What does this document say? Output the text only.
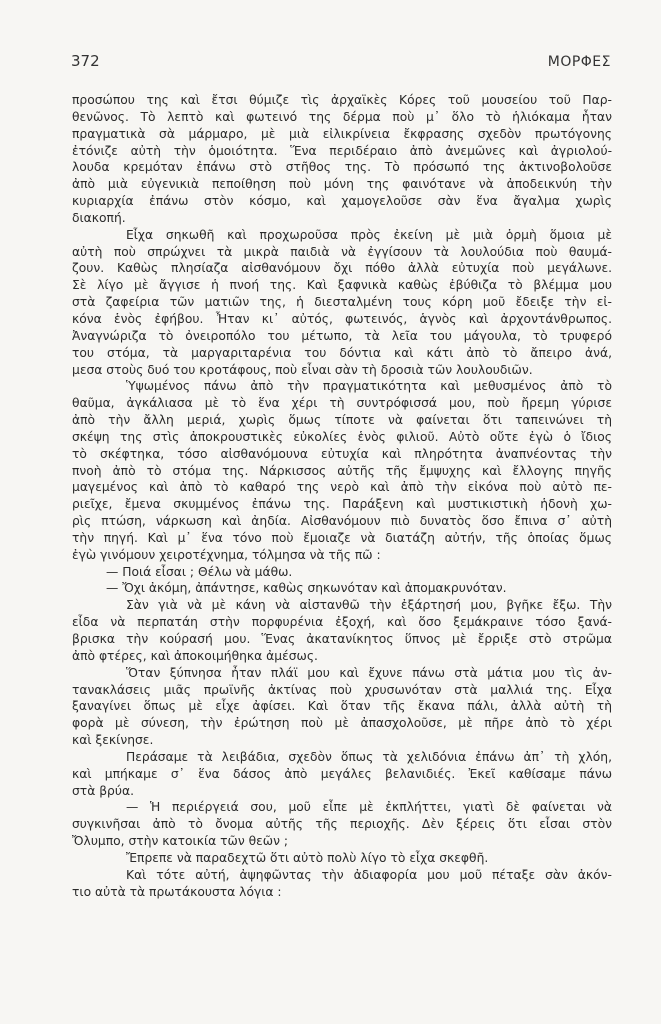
372	ΜΟΡΦΕΣ
προσώπου της καὶ ἔτσι θύμιζε τὶς ἀρχαϊκὲς Κόρες τοῦ μουσείου τοῦ Παρ-
θενῶνος. Τὸ λεπτὸ καὶ φωτεινό της δέρμα ποὺ μ᾽ ὅλο τὸ ἡλιόκαμα ἦταν
πραγματικὰ σὰ μάρμαρο, μὲ μιὰ εἰλικρίνεια ἔκφρασης σχεδὸν πρωτόγονης
ἐτόνιζε αὐτὴ τὴν ὁμοιότητα. Ἕνα περιδέραιο ἀπὸ ἀνεμῶνες καὶ ἀγριολού-
λουδα κρεμόταν ἐπάνω στὸ στῆθος της. Τὸ πρόσωπό της ἀκτινοβολοῦσε
ἀπὸ μιὰ εὐγενικιὰ πεποίθηση ποὺ μόνη της φαινότανε νὰ ἀποδεικνύη τὴν
κυριαρχία ἐπάνω στὸν κόσμο, καὶ χαμογελοῦσε σὰν ἕνα ἄγαλμα χωρὶς
διακοπή.
Εἶχα σηκωθῆ καὶ προχωροῦσα πρὸς ἐκείνη μὲ μιὰ ὁρμὴ ὅμοια μὲ
αὐτὴ ποὺ σπρώχνει τὰ μικρὰ παιδιὰ νὰ ἐγγίσουν τὰ λουλούδια ποὺ θαυμά-
ζουν. Καθὼς πλησίαζα αἰσθανόμουν ὄχι πόθο ἀλλὰ εὐτυχία ποὺ μεγάλωνε.
Σὲ λίγο μὲ ἄγγισε ἡ πνοή της. Καὶ ξαφνικὰ καθὼς ἐβύθιζα τὸ βλέμμα μου
στὰ ζαφείρια τῶν ματιῶν της, ἡ διεσταλμένη τους κόρη μοῦ ἔδειξε τὴν εἰ-
κόνα ἑνὸς ἐφήβου. Ἦταν κι᾽ αὐτός, φωτεινός, ἁγνὸς καὶ ἀρχοντάνθρωπος.
Ἀναγνώριζα τὸ ὀνειροπόλο του μέτωπο, τὰ λεῖα του μάγουλα, τὸ τρυφερό
του στόμα, τὰ μαργαριταρένια του δόντια καὶ κάτι ἀπὸ τὸ ἄπειρο ἀνά,
μεσα στοὺς δυό του κροτάφους, ποὺ εἶναι σὰν τὴ δροσιὰ τῶν λουλουδιῶν.
Ὑψωμένος πάνω ἀπὸ τὴν πραγματικότητα καὶ μεθυσμένος ἀπὸ τὸ
θαῦμα, ἀγκάλιασα μὲ τὸ ἕνα χέρι τὴ συντρόφισσά μου, ποὺ ἤρεμη γύρισε
ἀπὸ τὴν ἄλλη μεριά, χωρὶς ὅμως τίποτε νὰ φαίνεται ὅτι ταπεινώνει τὴ
σκέψη της στὶς ἀποκρουστικὲς εὐκολίες ἑνὸς φιλιοῦ. Αὐτὸ οὔτε ἐγὼ ὁ ἴδιος
τὸ σκέφτηκα, τόσο αἰσθανόμουνα εὐτυχία καὶ πληρότητα ἀναπνέοντας τὴν
πνοὴ ἀπὸ τὸ στόμα της. Νάρκισσος αὐτῆς τῆς ἔμψυχης καὶ ἔλλογης πηγῆς
μαγεμένος καὶ ἀπὸ τὸ καθαρό της νερὸ καὶ ἀπὸ τὴν εἰκόνα ποὺ αὐτὸ πε-
ριεῖχε, ἔμενα σκυμμένος ἐπάνω της. Παράξενη καὶ μυστικιστικὴ ἡδονὴ χω-
ρὶς πτώση, νάρκωση καὶ ἀηδία. Αἰσθανόμουν πιὸ δυνατὸς ὅσο ἔπινα σ᾽ αὐτὴ
τὴν πηγή. Καὶ μ᾽ ἕνα τόνο ποὺ ἔμοιαζε νὰ διατάζη αὐτήν, τῆς ὁποίας ὅμως
ἐγὼ γινόμουν χειροτέχνημα, τόλμησα νὰ τῆς πῶ :
— Ποιά εἶσαι ; Θέλω νὰ μάθω.
— Ὄχι ἀκόμη, ἀπάντησε, καθὼς σηκωνόταν καὶ ἀπομακρυνόταν.
Σὰν γιὰ νὰ μὲ κάνη νὰ αἰστανθῶ τὴν ἐξάρτησή μου, βγῆκε ἔξω. Τὴν
εἶδα νὰ περπατάη στὴν πορφυρένια ἐξοχή, καὶ ὅσο ξεμάκραινε τόσο ξανά-
βρισκα τὴν κούρασή μου. Ἕνας ἀκατανίκητος ὕπνος μὲ ἔρριξε στὸ στρῶμα
ἀπὸ φτέρες, καὶ ἀποκοιμήθηκα ἀμέσως.
Ὅταν ξύπνησα ἦταν πλάϊ μου καὶ ἔχυνε πάνω στὰ μάτια μου τὶς ἀν-
τανακλάσεις μιᾶς πρωϊνῆς ἀκτίνας ποὺ χρυσωνόταν στὰ μαλλιά της. Εἶχα
ξαναγίνει ὅπως μὲ εἶχε ἀφίσει. Καὶ ὅταν τῆς ἔκανα πάλι, ἀλλὰ αὐτὴ τὴ
φορὰ μὲ σύνεση, τὴν ἐρώτηση ποὺ μὲ ἀπασχολοῦσε, μὲ πῆρε ἀπὸ τὸ χέρι
καὶ ξεκίνησε.
Περάσαμε τὰ λειβάδια, σχεδὸν ὅπως τὰ χελιδόνια ἐπάνω ἀπ᾽ τὴ χλόη,
καὶ μπήκαμε σ᾽ ἕνα δάσος ἀπὸ μεγάλες βελανιδιές. Ἐκεῖ καθίσαμε πάνω
στὰ βρύα.
— Ἡ περιέργειά σου, μοῦ εἶπε μὲ ἐκπλήττει, γιατὶ δὲ φαίνεται νὰ
συγκινῆσαι ἀπὸ τὸ ὄνομα αὐτῆς τῆς περιοχῆς. Δὲν ξέρεις ὅτι εἶσαι στὸν
Ὄλυμπο, στὴν κατοικία τῶν θεῶν ;
Ἔπρεπε νὰ παραδεχτῶ ὅτι αὐτὸ πολὺ λίγο τὸ εἶχα σκεφθῆ.
Καὶ τότε αὐτή, ἀψηφῶντας τὴν ἀδιαφορία μου μοῦ πέταξε σὰν ἀκόν-
τιο αὐτὰ τὰ πρωτάκουστα λόγια :
